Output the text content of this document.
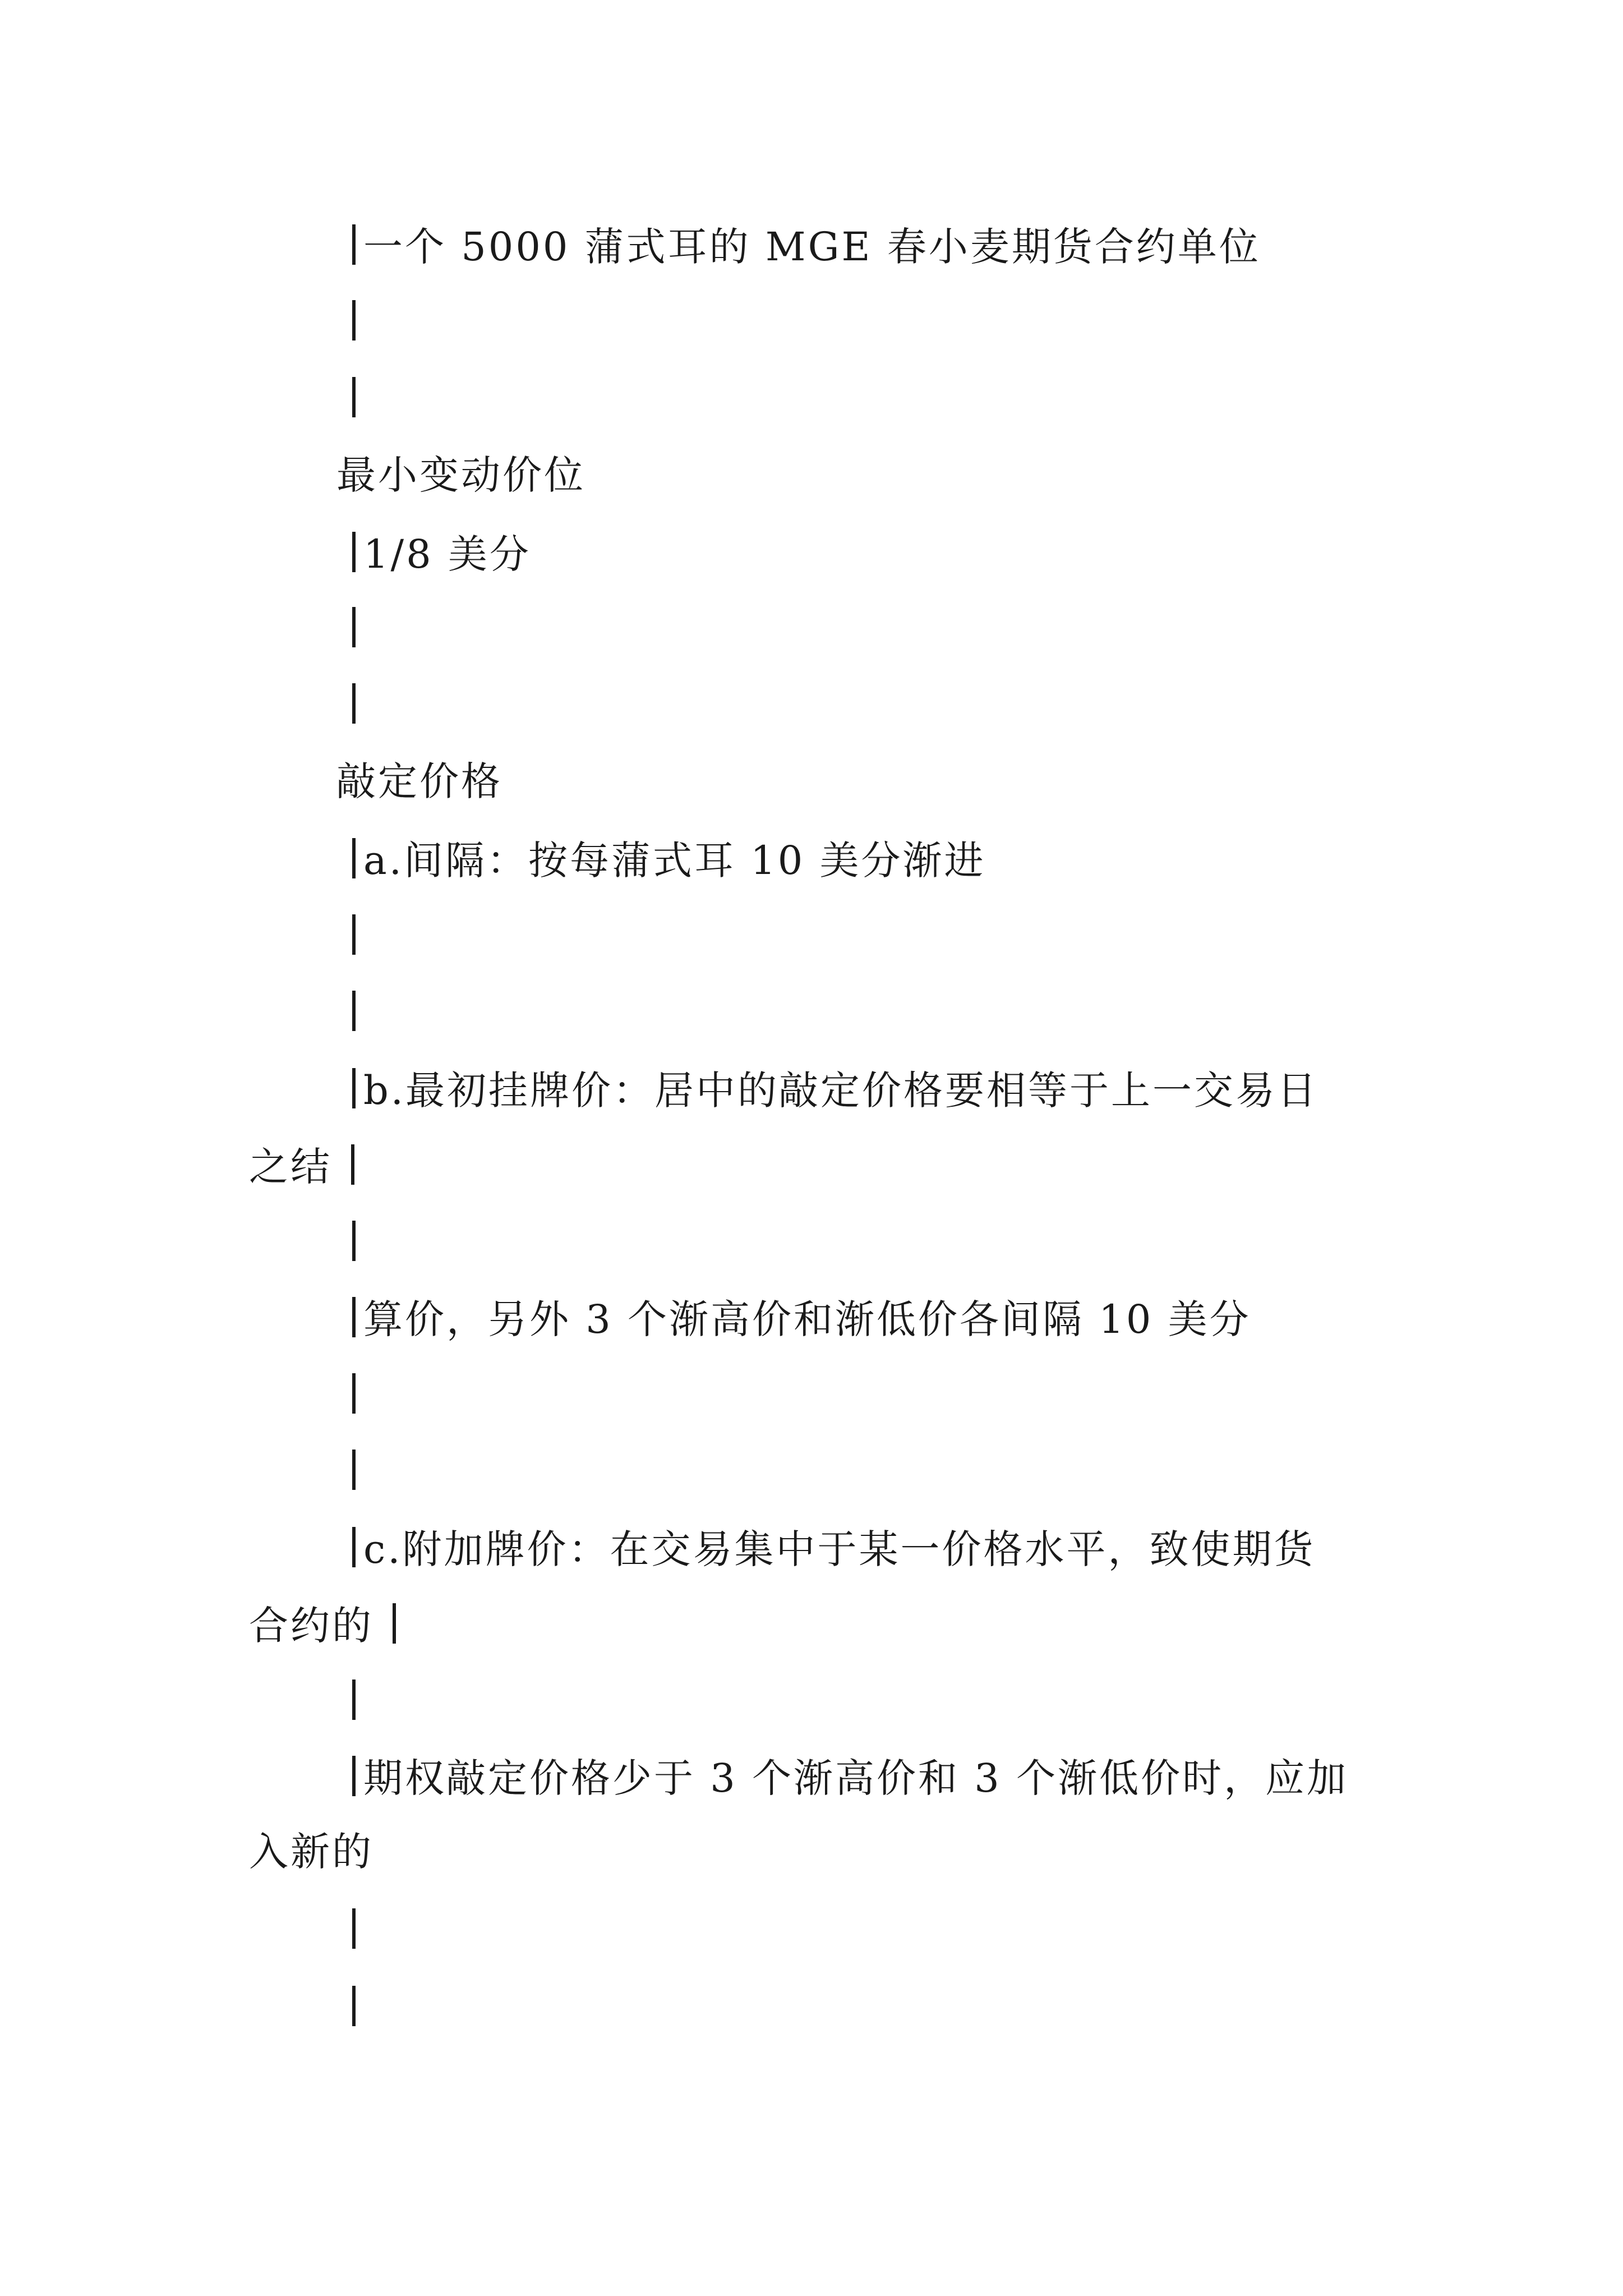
一个 5000 蒲式耳的 MGE 春小麦期货合约单位
最小变动价位
1/8 美分
敲定价格
a.间隔：按每蒲式耳 10 美分渐进
b.最初挂牌价：居中的敲定价格要相等于上一交易日
之结
算价，另外 3 个渐高价和渐低价各间隔 10 美分
c.附加牌价：在交易集中于某一价格水平，致使期货
合约的
期权敲定价格少于 3 个渐高价和 3 个渐低价时，应加
入新的
